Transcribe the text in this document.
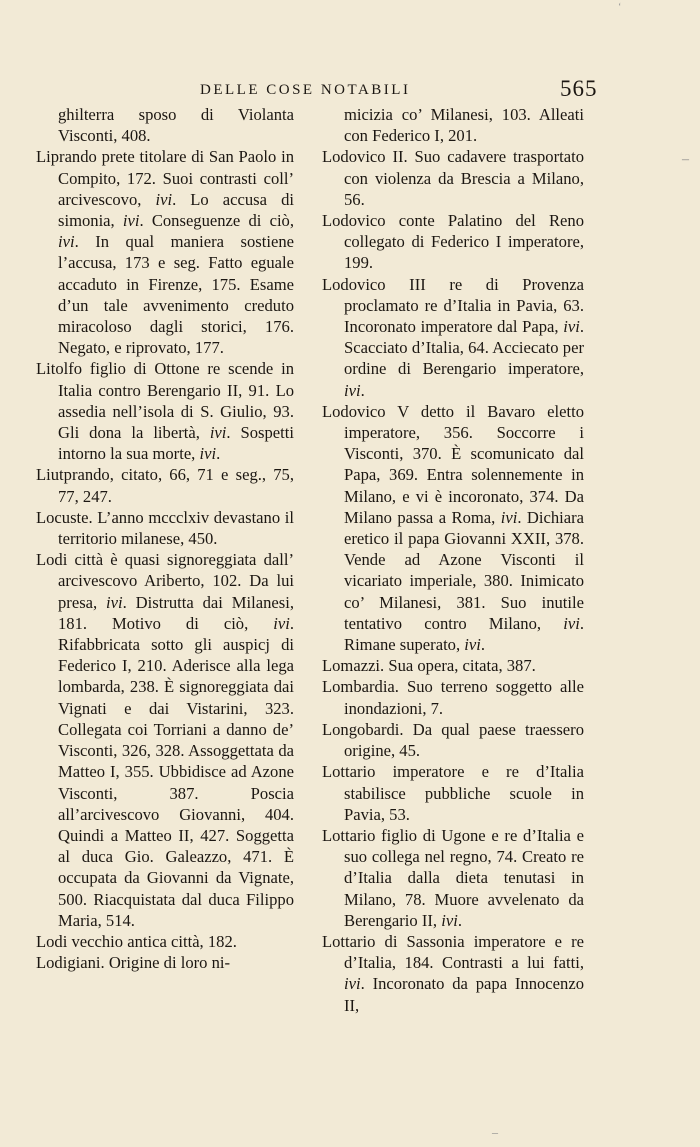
DELLE COSE NOTABILI	565

ghilterra sposo di Violanta Visconti, 408.

Liprando prete titolare di San Paolo in Compito, 172. Suoi contrasti coll’ arcivescovo, ivi. Lo accusa di simonia, ivi. Conseguenze di ciò, ivi. In qual maniera sostiene l’accusa, 173 e seg. Fatto eguale accaduto in Firenze, 175. Esame d’un tale avvenimento creduto miracoloso dagli storici, 176. Negato, e riprovato, 177.

Litolfo figlio di Ottone re scende in Italia contro Berengario II, 91. Lo assedia nell’isola di S. Giulio, 93. Gli dona la libertà, ivi. Sospetti intorno la sua morte, ivi.

Liutprando, citato, 66, 71 e seg., 75, 77, 247.

Locuste. L’anno mccclxiv devastano il territorio milanese, 450.

Lodi città è quasi signoreggiata dall’ arcivescovo Ariberto, 102. Da lui presa, ivi. Distrutta dai Milanesi, 181. Motivo di ciò, ivi. Rifabbricata sotto gli auspicj di Federico I, 210. Aderisce alla lega lombarda, 238. È signoreggiata dai Vignati e dai Vistarini, 323. Collegata coi Torriani a danno de’ Visconti, 326, 328. Assoggettata da Matteo I, 355. Ubbidisce ad Azone Visconti, 387. Poscia all’arcivescovo Giovanni, 404. Quindi a Matteo II, 427. Soggetta al duca Gio. Galeazzo, 471. È occupata da Giovanni da Vignate, 500. Riacquistata dal duca Filippo Maria, 514.

Lodi vecchio antica città, 182.

Lodigiani. Origine di loro ni-

micizia co’ Milanesi, 103. Alleati con Federico I, 201.

Lodovico II. Suo cadavere trasportato con violenza da Brescia a Milano, 56.

Lodovico conte Palatino del Reno collegato di Federico I imperatore, 199.

Lodovico III re di Provenza proclamato re d’Italia in Pavia, 63. Incoronato imperatore dal Papa, ivi. Scacciato d’Italia, 64. Acciecato per ordine di Berengario imperatore, ivi.

Lodovico V detto il Bavaro eletto imperatore, 356. Soccorre i Visconti, 370. È scomunicato dal Papa, 369. Entra solennemente in Milano, e vi è incoronato, 374. Da Milano passa a Roma, ivi. Dichiara eretico il papa Giovanni XXII, 378. Vende ad Azone Visconti il vicariato imperiale, 380. Inimicato co’ Milanesi, 381. Suo inutile tentativo contro Milano, ivi. Rimane superato, ivi.

Lomazzi. Sua opera, citata, 387.

Lombardia. Suo terreno soggetto alle inondazioni, 7.

Longobardi. Da qual paese traessero origine, 45.

Lottario imperatore e re d’Italia stabilisce pubbliche scuole in Pavia, 53.

Lottario figlio di Ugone e re d’Italia e suo collega nel regno, 74. Creato re d’Italia dalla dieta tenutasi in Milano, 78. Muore avvelenato da Berengario II, ivi.

Lottario di Sassonia imperatore e re d’Italia, 184. Contrasti a lui fatti, ivi. Incoronato da papa Innocenzo II,

‘
–
–
